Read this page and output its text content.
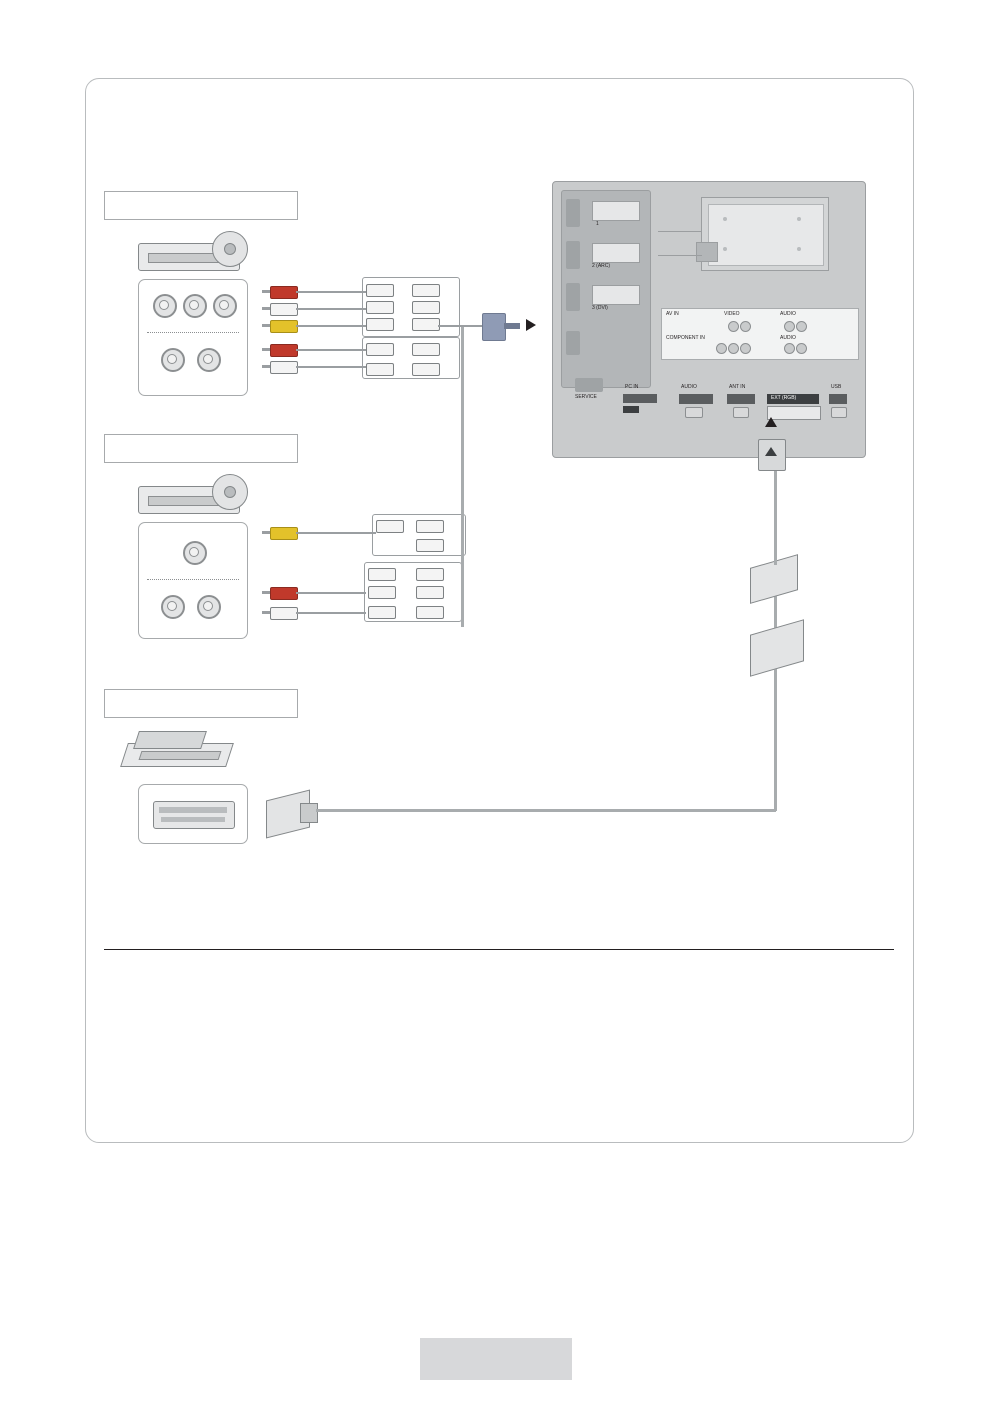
1
2 (ARC)
3 (DVI)
AV IN	VIDEO	AUDIO
COMPONENT IN	AUDIO
SERVICE
PC IN	AUDIO	ANT IN
EXT (RGB)
USB
